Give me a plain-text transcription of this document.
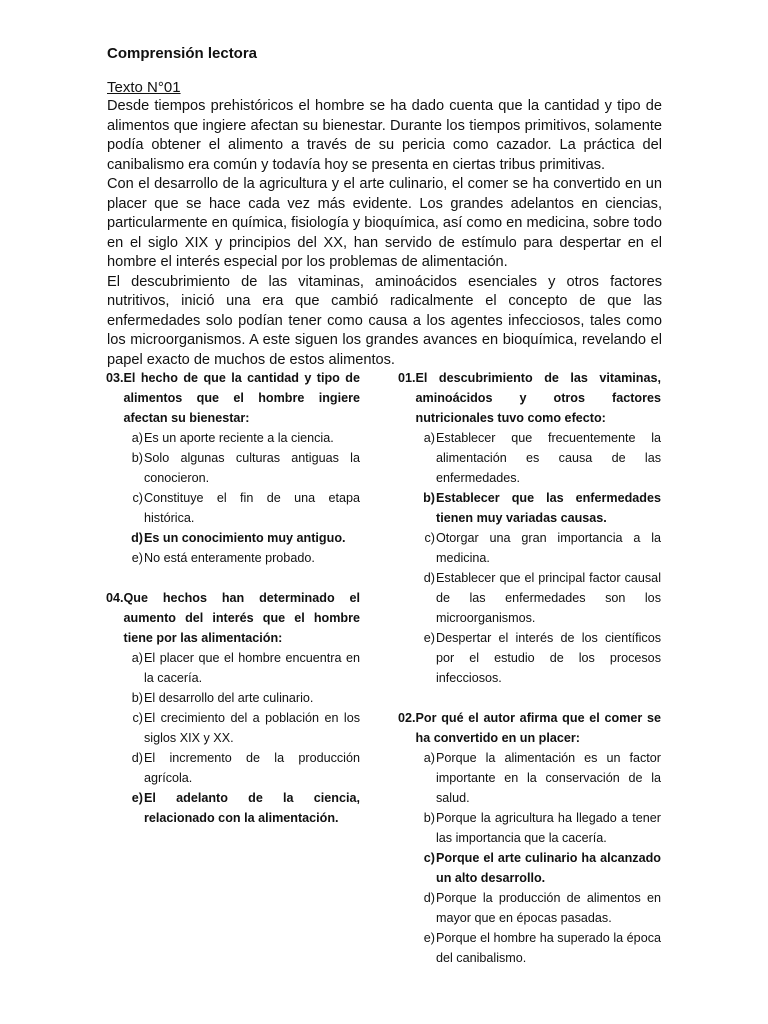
Comprensión lectora
Texto N°01

Desde tiempos prehistóricos el hombre se ha dado cuenta que la cantidad y tipo de alimentos que ingiere afectan su bienestar. Durante los tiempos primitivos, solamente podía obtener el alimento a través de su pericia como cazador. La práctica del canibalismo era común y todavía hoy se presenta en ciertas tribus primitivas.

Con el desarrollo de la agricultura y el arte culinario, el comer se ha convertido en un placer que se hace cada vez más evidente. Los grandes adelantos en ciencias, particularmente en química, fisiología y bioquímica, así como en medicina, sobre todo en el siglo XIX y principios del XX, han servido de estímulo para despertar en el hombre el interés especial por los problemas de alimentación.

El descubrimiento de las vitaminas, aminoácidos esenciales y otros factores nutritivos, inició una era que cambió radicalmente el concepto de que las enfermedades solo podían tener como causa a los agentes infecciosos, tales como los microorganismos. A este siguen los grandes avances en bioquímica, revelando el papel exacto de muchos de estos alimentos.

03. El hecho de que la cantidad y tipo de alimentos que el hombre ingiere afectan su bienestar:
a) Es un aporte reciente a la ciencia.
b) Solo algunas culturas antiguas la conocieron.
c) Constituye el fin de una etapa histórica.
d) Es un conocimiento muy antiguo.
e) No está enteramente probado.
04. Que hechos han determinado el aumento del interés que el hombre tiene por las alimentación:
a) El placer que el hombre encuentra en la cacería.
b) El desarrollo del arte culinario.
c) El crecimiento del a población en los siglos XIX y XX.
d) El incremento de la producción agrícola.
e) El adelanto de la ciencia, relacionado con la alimentación.
01. El descubrimiento de las vitaminas, aminoácidos y otros factores nutricionales tuvo como efecto:
a) Establecer que frecuentemente la alimentación es causa de las enfermedades.
b) Establecer que las enfermedades tienen muy variadas causas.
c) Otorgar una gran importancia a la medicina.
d) Establecer que el principal factor causal de las enfermedades son los microorganismos.
e) Despertar el interés de los científicos por el estudio de los procesos infecciosos.
02. Por qué el autor afirma que el comer se ha convertido en un placer:
a) Porque la alimentación es un factor importante en la conservación de la salud.
b) Porque la agricultura ha llegado a tener las importancia que la cacería.
c) Porque el arte culinario ha alcanzado un alto desarrollo.
d) Porque la producción de alimentos en mayor que en épocas pasadas.
e) Porque el hombre ha superado la época del canibalismo.
